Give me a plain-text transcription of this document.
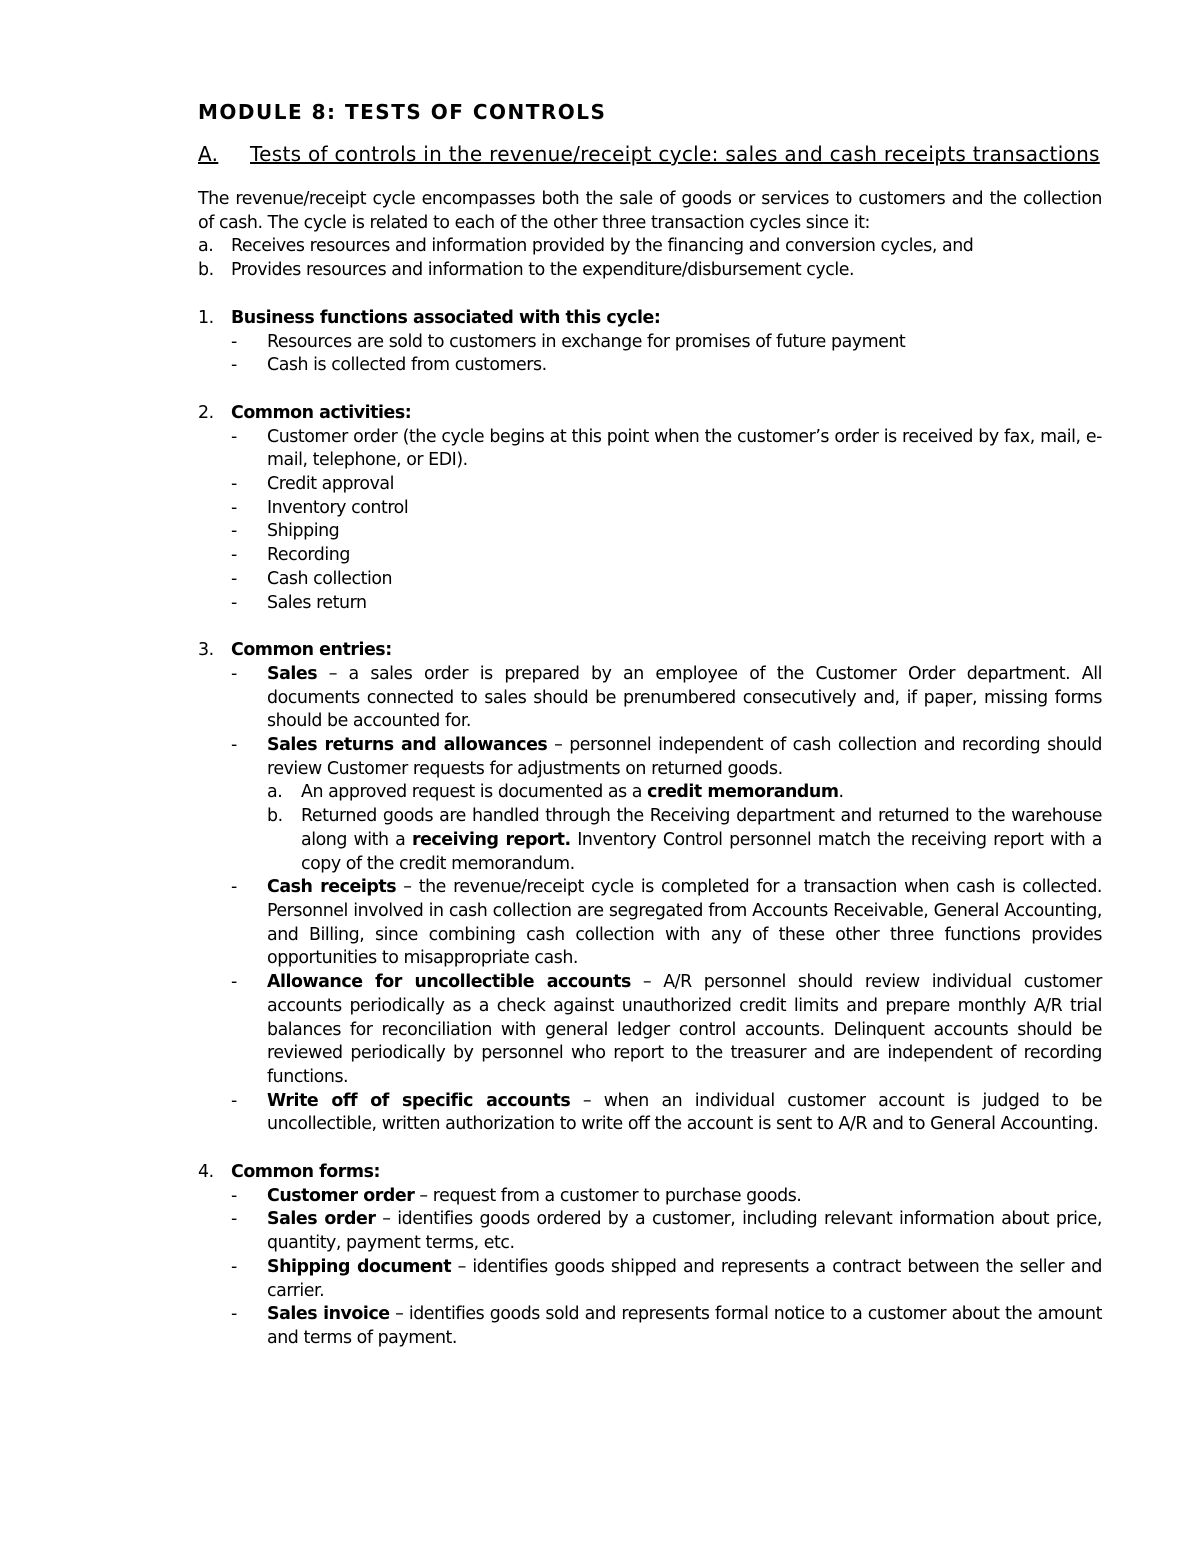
MODULE 8: TESTS OF CONTROLS
A.	Tests of controls in the revenue/receipt cycle: sales and cash receipts transactions

The revenue/receipt cycle encompasses both the sale of goods or services to customers and the collection of cash. The cycle is related to each of the other three transaction cycles since it:

a.	Receives resources and information provided by the financing and conversion cycles, and
b. Provides resources and information to the expenditure/disbursement cycle.
1. Business functions associated with this cycle:
-	Resources are sold to customers in exchange for promises of future payment
-	Cash is collected from customers.
2. Common activities:
-	Customer order (the cycle begins at this point when the customer’s order is received by fax, mail, e-mail, telephone, or EDI).
-	Credit approval
-	Inventory control
-	Shipping
-	Recording
-	Cash collection
-	Sales return
3. Common entries:
-	Sales – a sales order is prepared by an employee of the Customer Order department. All documents connected to sales should be prenumbered consecutively and, if paper, missing forms should be accounted for.
-	Sales returns and allowances – personnel independent of cash collection and recording should review Customer requests for adjustments on returned goods.
a.	An approved request is documented as a credit memorandum.
b.	Returned goods are handled through the Receiving department and returned to the warehouse along with a receiving report. Inventory Control personnel match the receiving report with a copy of the credit memorandum.
-	Cash receipts – the revenue/receipt cycle is completed for a transaction when cash is collected. Personnel involved in cash collection are segregated from Accounts Receivable, General Accounting, and Billing, since combining cash collection with any of these other three functions provides opportunities to misappropriate cash.
-	Allowance for uncollectible accounts – A/R personnel should review individual customer accounts periodically as a check against unauthorized credit limits and prepare monthly A/R trial balances for reconciliation with general ledger control accounts. Delinquent accounts should be reviewed periodically by personnel who report to the treasurer and are independent of recording functions.
-	Write off of specific accounts – when an individual customer account is judged to be uncollectible, written authorization to write off the account is sent to A/R and to General Accounting.
4. Common forms:
-	Customer order – request from a customer to purchase goods.
-	Sales order – identifies goods ordered by a customer, including relevant information about price, quantity, payment terms, etc.
-	Shipping document – identifies goods shipped and represents a contract between the seller and carrier.
-	Sales invoice – identifies goods sold and represents formal notice to a customer about the amount and terms of payment.
